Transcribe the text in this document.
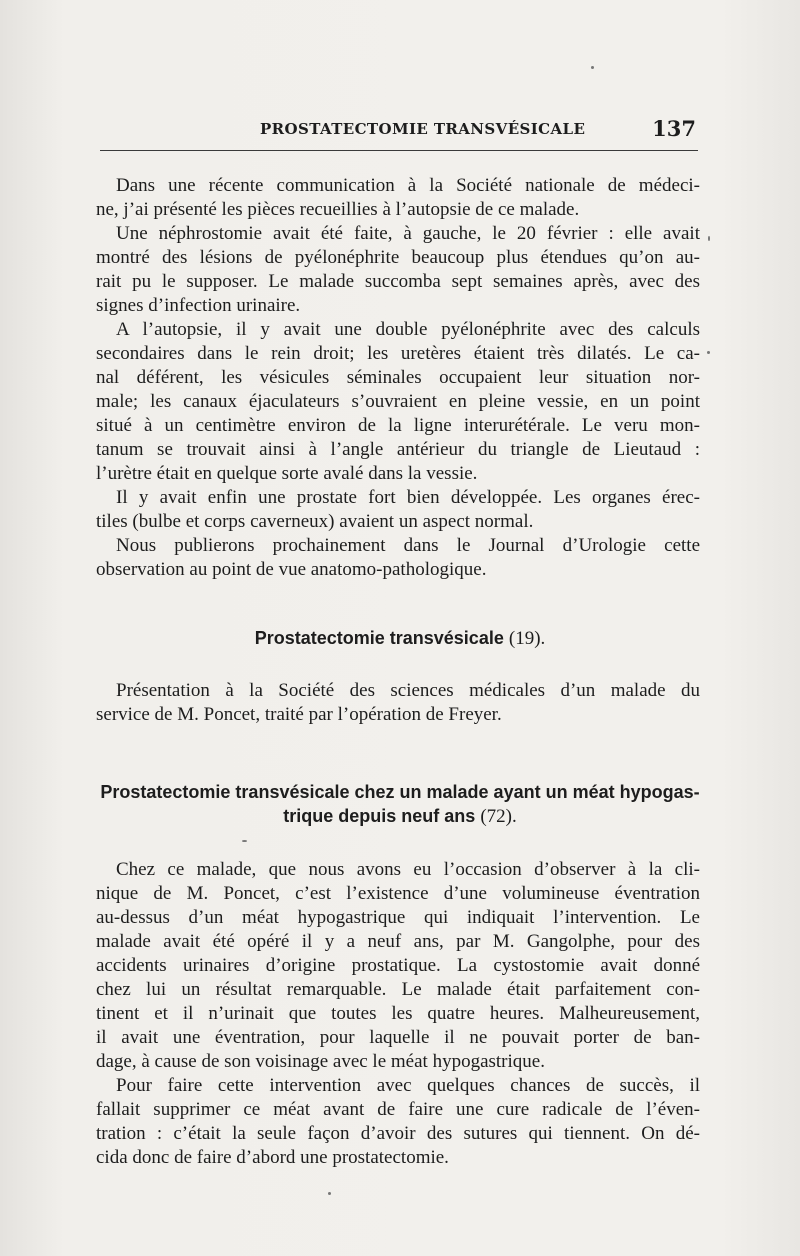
PROSTATECTOMIE TRANSVÉSICALE	137

Dans une récente communication à la Société nationale de médeci-
ne, j’ai présenté les pièces recueillies à l’autopsie de ce malade.

Une néphrostomie avait été faite, à gauche, le 20 février : elle avait
montré des lésions de pyélonéphrite beaucoup plus étendues qu’on au-
rait pu le supposer. Le malade succomba sept semaines après, avec des
signes d’infection urinaire.

A l’autopsie, il y avait une double pyélonéphrite avec des calculs
secondaires dans le rein droit; les uretères étaient très dilatés. Le ca-
nal déférent, les vésicules séminales occupaient leur situation nor-
male; les canaux éjaculateurs s’ouvraient en pleine vessie, en un point
situé à un centimètre environ de la ligne interurétérale. Le veru mon-
tanum se trouvait ainsi à l’angle antérieur du triangle de Lieutaud :
l’urètre était en quelque sorte avalé dans la vessie.

Il y avait enfin une prostate fort bien développée. Les organes érec-
tiles (bulbe et corps caverneux) avaient un aspect normal.

Nous publierons prochainement dans le Journal d’Urologie cette
observation au point de vue anatomo-pathologique.

Prostatectomie transvésicale (19).

Présentation à la Société des sciences médicales d’un malade du
service de M. Poncet, traité par l’opération de Freyer.

Prostatectomie transvésicale chez un malade ayant un méat hypogas-
trique depuis neuf ans (72).

Chez ce malade, que nous avons eu l’occasion d’observer à la cli-
nique de M. Poncet, c’est l’existence d’une volumineuse éventration
au-dessus d’un méat hypogastrique qui indiquait l’intervention. Le
malade avait été opéré il y a neuf ans, par M. Gangolphe, pour des
accidents urinaires d’origine prostatique. La cystostomie avait donné
chez lui un résultat remarquable. Le malade était parfaitement con-
tinent et il n’urinait que toutes les quatre heures. Malheureusement,
il avait une éventration, pour laquelle il ne pouvait porter de ban-
dage, à cause de son voisinage avec le méat hypogastrique.

Pour faire cette intervention avec quelques chances de succès, il
fallait supprimer ce méat avant de faire une cure radicale de l’éven-
tration : c’était la seule façon d’avoir des sutures qui tiennent. On dé-
cida donc de faire d’abord une prostatectomie.
